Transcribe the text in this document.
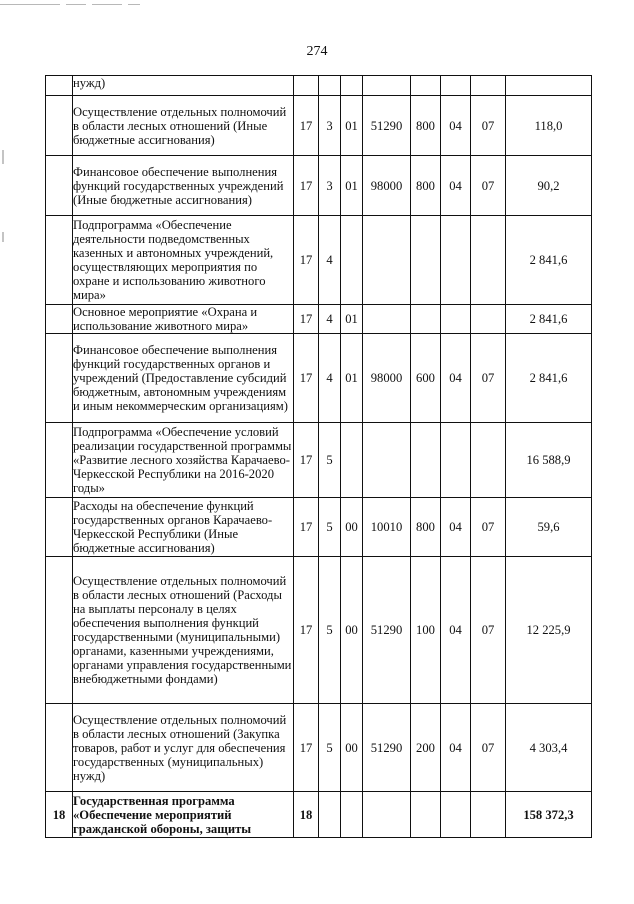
274
	нужд)								
	Осуществление отдельных полномочий в области лесных отношений (Иные бюджетные ассигнования)	17	3	01	51290	800	04	07	118,0
	Финансовое обеспечение выполнения функций государственных учреждений (Иные бюджетные ассигнования)	17	3	01	98000	800	04	07	90,2
	Подпрограмма «Обеспечение деятельности подведомственных казенных и автономных учреждений, осуществляющих мероприятия по охране и использованию животного мира»	17	4						2 841,6
	Основное мероприятие «Охрана и использование животного мира»	17	4	01					2 841,6
	Финансовое обеспечение выполнения функций государственных органов и учреждений (Предоставление субсидий бюджетным, автономным учреждениям и иным некоммерческим организациям)	17	4	01	98000	600	04	07	2 841,6
	Подпрограмма «Обеспечение условий реализации государственной программы «Развитие лесного хозяйства Карачаево-Черкесской Республики на 2016-2020 годы»	17	5						16 588,9
	Расходы на обеспечение функций государственных органов Карачаево-Черкесской Республики (Иные бюджетные ассигнования)	17	5	00	10010	800	04	07	59,6
	Осуществление отдельных полномочий в области лесных отношений (Расходы на выплаты персоналу в целях обеспечения выполнения функций государственными (муниципальными) органами, казенными учреждениями, органами управления государственными внебюджетными фондами)	17	5	00	51290	100	04	07	12 225,9
	Осуществление отдельных полномочий в области лесных отношений (Закупка товаров, работ и услуг для обеспечения государственных (муниципальных) нужд)	17	5	00	51290	200	04	07	4 303,4
18	Государственная программа «Обеспечение мероприятий гражданской обороны, защиты	18							158 372,3
